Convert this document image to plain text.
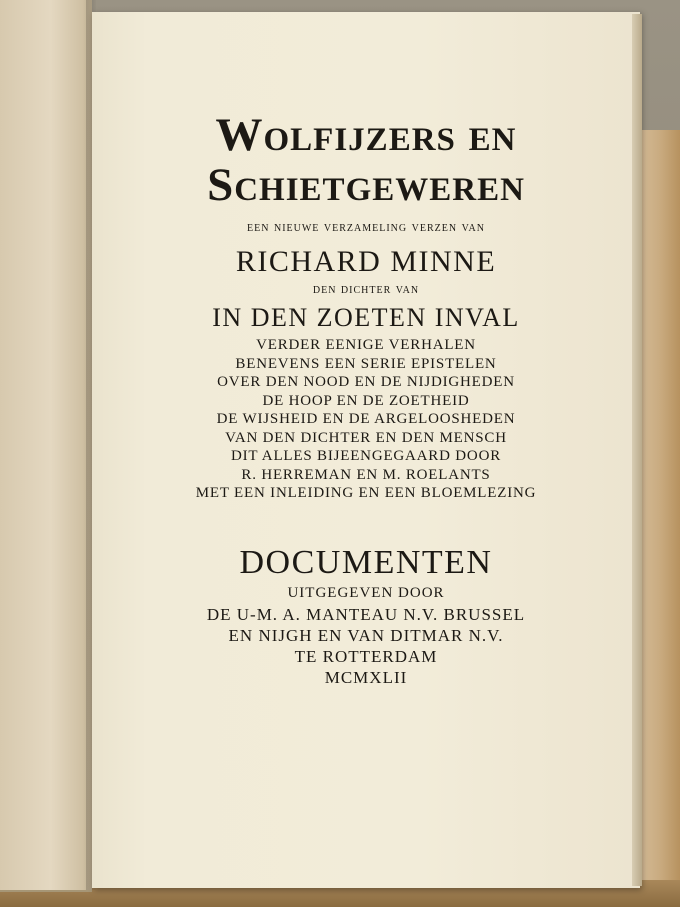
Wolfijzers en
Schietgeweren
een nieuwe verzameling verzen van
RICHARD MINNE
den dichter van
IN DEN ZOETEN INVAL
VERDER EENIGE VERHALEN
BENEVENS EEN SERIE EPISTELEN
OVER DEN NOOD EN DE NIJDIGHEDEN
DE HOOP EN DE ZOETHEID
DE WIJSHEID EN DE ARGELOOSHEDEN
VAN DEN DICHTER EN DEN MENSCH
DIT ALLES BIJEENGEGAARD DOOR
R. HERREMAN EN M. ROELANTS
MET EEN INLEIDING EN EEN BLOEMLEZING
DOCUMENTEN
UITGEGEVEN DOOR
DE U-M. A. MANTEAU N.V. BRUSSEL
EN NIJGH EN VAN DITMAR N.V.
TE ROTTERDAM
MCMXLII
